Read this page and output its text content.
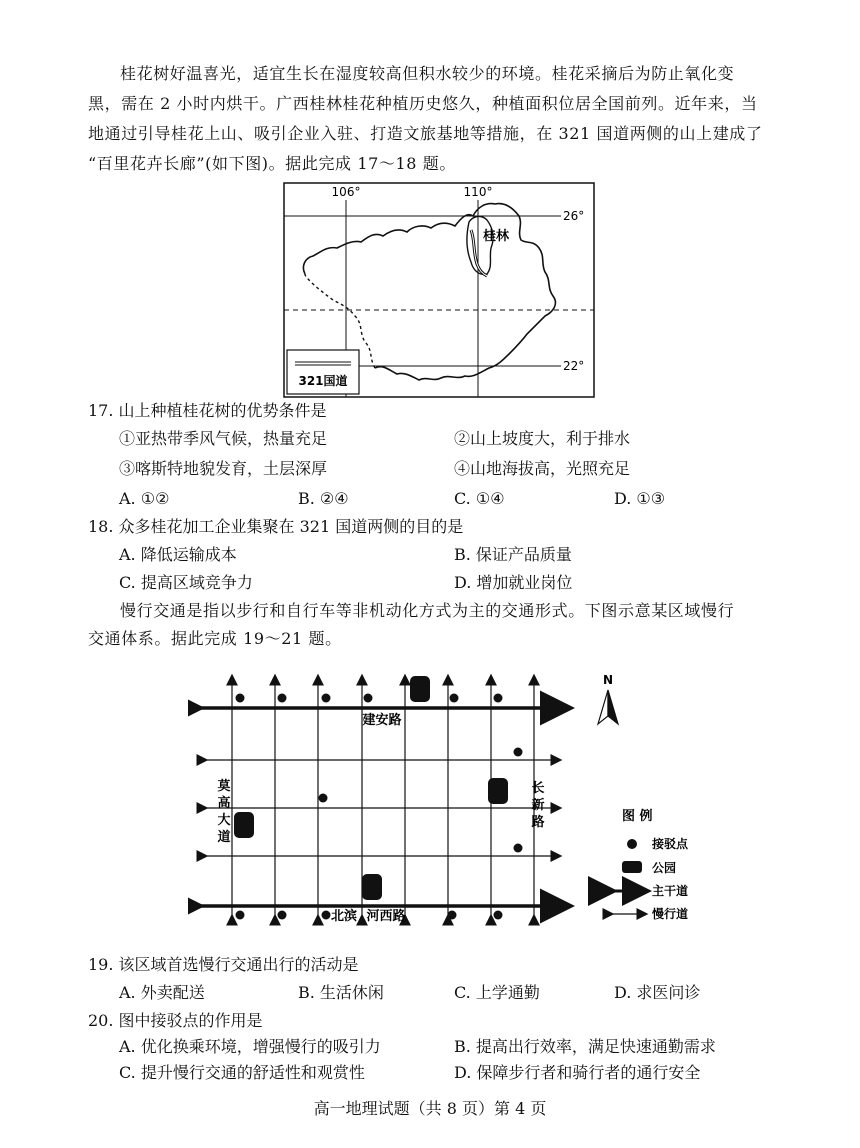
桂花树好温喜光，适宜生长在湿度较高但积水较少的环境。桂花采摘后为防止氧化变
黑，需在 2 小时内烘干。广西桂林桂花种植历史悠久，种植面积位居全国前列。近年来，当
地通过引导桂花上山、吸引企业入驻、打造文旅基地等措施，在 321 国道两侧的山上建成了
“百里花卉长廊”(如下图)。据此完成 17～18 题。
106°	110°
26°
22°
桂林
321国道
17. 山上种植桂花树的优势条件是
①亚热带季风气候，热量充足	②山上坡度大，利于排水
③喀斯特地貌发育，土层深厚	④山地海拔高，光照充足
A. ①②	B. ②④	C. ①④	D. ①③
18. 众多桂花加工企业集聚在 321 国道两侧的目的是
A. 降低运输成本	B. 保证产品质量
C. 提高区域竞争力	D. 增加就业岗位
慢行交通是指以步行和自行车等非机动化方式为主的交通形式。下图示意某区域慢行
交通体系。据此完成 19～21 题。
建安路
北滨 河西路
莫
高
大
道
长
新
路
N
图 例
接驳点
公园
主干道
慢行道
19. 该区域首选慢行交通出行的活动是
A. 外卖配送	B. 生活休闲	C. 上学通勤	D. 求医问诊
20. 图中接驳点的作用是
A. 优化换乘环境，增强慢行的吸引力	B. 提高出行效率，满足快速通勤需求
C. 提升慢行交通的舒适性和观赏性	D. 保障步行者和骑行者的通行安全
高一地理试题（共 8 页）第 4 页
